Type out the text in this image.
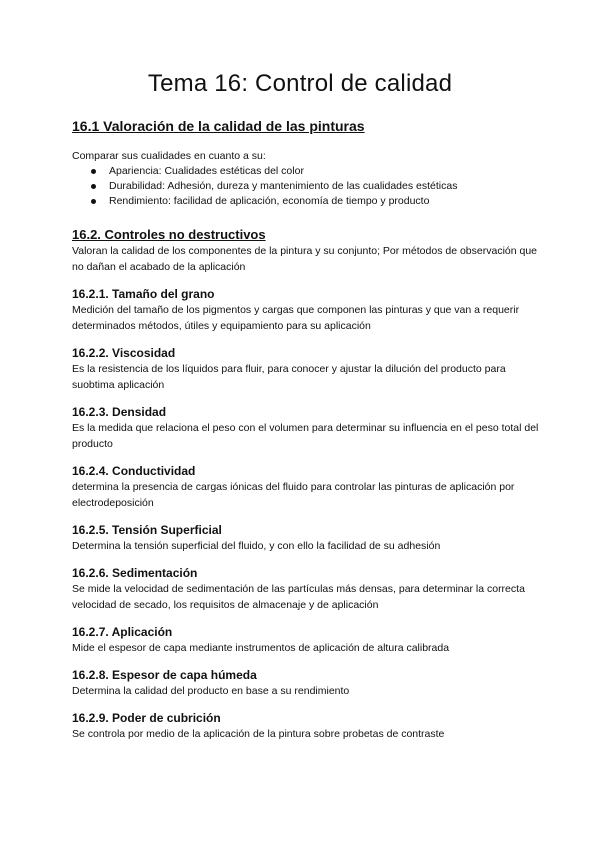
Tema 16: Control de calidad
16.1 Valoración de la calidad de las pinturas

Comparar sus cualidades en cuanto a su:

Apariencia: Cualidades estéticas del color
Durabilidad: Adhesión, dureza y mantenimiento de las cualidades estéticas
Rendimiento: facilidad de aplicación, economía de tiempo y producto
16.2. Controles no destructivos

Valoran la calidad de los componentes de la pintura y su conjunto; Por métodos de observación que no dañan el acabado de la aplicación

16.2.1. Tamaño del grano

Medición del tamaño de los pigmentos y cargas que componen las pinturas y que van a requerir determinados métodos, útiles y equipamiento para su aplicación

16.2.2. Viscosidad

Es la resistencia de los líquidos para fluir, para conocer y ajustar la dilución del producto para suobtima aplicación

16.2.3. Densidad

Es la medida que relaciona el peso con el volumen para determinar su influencia en el peso total del producto

16.2.4. Conductividad

determina la presencia de cargas iónicas del fluido para controlar las pinturas de aplicación por electrodeposición

16.2.5. Tensión Superficial

Determina la tensión superficial del fluido, y con ello la facilidad de su adhesión

16.2.6. Sedimentación

Se mide la velocidad de sedimentación de las partículas más densas, para determinar la correcta velocidad de secado, los requisitos de almacenaje y de aplicación

16.2.7. Aplicación

Mide el espesor de capa mediante instrumentos de aplicación de altura calibrada

16.2.8. Espesor de capa húmeda

Determina la calidad del producto en base a su rendimiento

16.2.9. Poder de cubrición

Se controla por medio de la aplicación de la pintura sobre probetas de contraste
